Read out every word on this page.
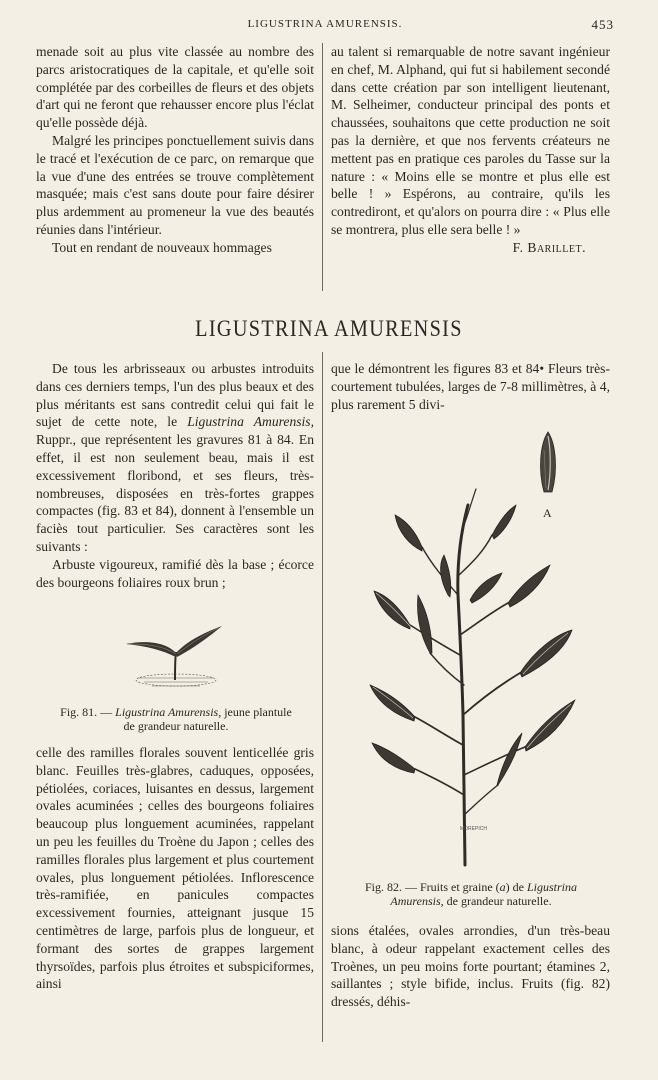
LIGUSTRINA AMURENSIS.	453

menade soit au plus vite classée au nombre des parcs aristocratiques de la capitale, et qu'elle soit complétée par des corbeilles de fleurs et des objets d'art qui ne feront que rehausser encore plus l'éclat qu'elle possède déjà.

Malgré les principes ponctuellement suivis dans le tracé et l'exécution de ce parc, on remarque que la vue d'une des entrées se trouve complètement masquée; mais c'est sans doute pour faire désirer plus ardemment au promeneur la vue des beautés réunies dans l'intérieur.

Tout en rendant de nouveaux hommages

au talent si remarquable de notre savant ingénieur en chef, M. Alphand, qui fut si habilement secondé dans cette création par son intelligent lieutenant, M. Selheimer, conducteur principal des ponts et chaussées, souhaitons que cette production ne soit pas la dernière, et que nos fervents créateurs ne mettent pas en pratique ces paroles du Tasse sur la nature : « Moins elle se montre et plus elle est belle ! » Espérons, au contraire, qu'ils les contrediront, et qu'alors on pourra dire : « Plus elle se montrera, plus elle sera belle ! »

F. Barillet.

LIGUSTRINA AMURENSIS

De tous les arbrisseaux ou arbustes introduits dans ces derniers temps, l'un des plus beaux et des plus méritants est sans contredit celui qui fait le sujet de cette note, le Ligustrina Amurensis, Ruppr., que représentent les gravures 81 à 84. En effet, il est non seulement beau, mais il est excessivement floribond, et ses fleurs, très-nombreuses, disposées en très-fortes grappes compactes (fig. 83 et 84), donnent à l'ensemble un faciès tout particulier. Ses caractères sont les suivants :

Arbuste vigoureux, ramifié dès la base ; écorce des bourgeons foliaires roux brun ;

Fig. 81. — Ligustrina Amurensis, jeune plantule

de grandeur naturelle.

celle des ramilles florales souvent lenticellée gris blanc. Feuilles très-glabres, caduques, opposées, pétiolées, coriaces, luisantes en dessus, largement ovales acuminées ; celles des bourgeons foliaires beaucoup plus longuement acuminées, rappelant un peu les feuilles du Troène du Japon ; celles des ramilles florales plus largement et plus courtement ovales, plus longuement pétiolées. Inflorescence très-ramifiée, en panicules compactes excessivement fournies, atteignant jusque 15 centimètres de large, parfois plus de longueur, et formant des sortes de grappes largement thyrsoïdes, parfois plus étroites et subspiciformes, ainsi

que le démontrent les figures 83 et 84• Fleurs très-courtement tubulées, larges de 7-8 millimètres, à 4, plus rarement 5 divi-

A
MOREPICH

Fig. 82. — Fruits et graine (a) de Ligustrina

Amurensis, de grandeur naturelle.

sions étalées, ovales arrondies, d'un très-beau blanc, à odeur rappelant exactement celles des Troènes, un peu moins forte pourtant; étamines 2, saillantes ; style bifide, inclus. Fruits (fig. 82) dressés, déhis-
